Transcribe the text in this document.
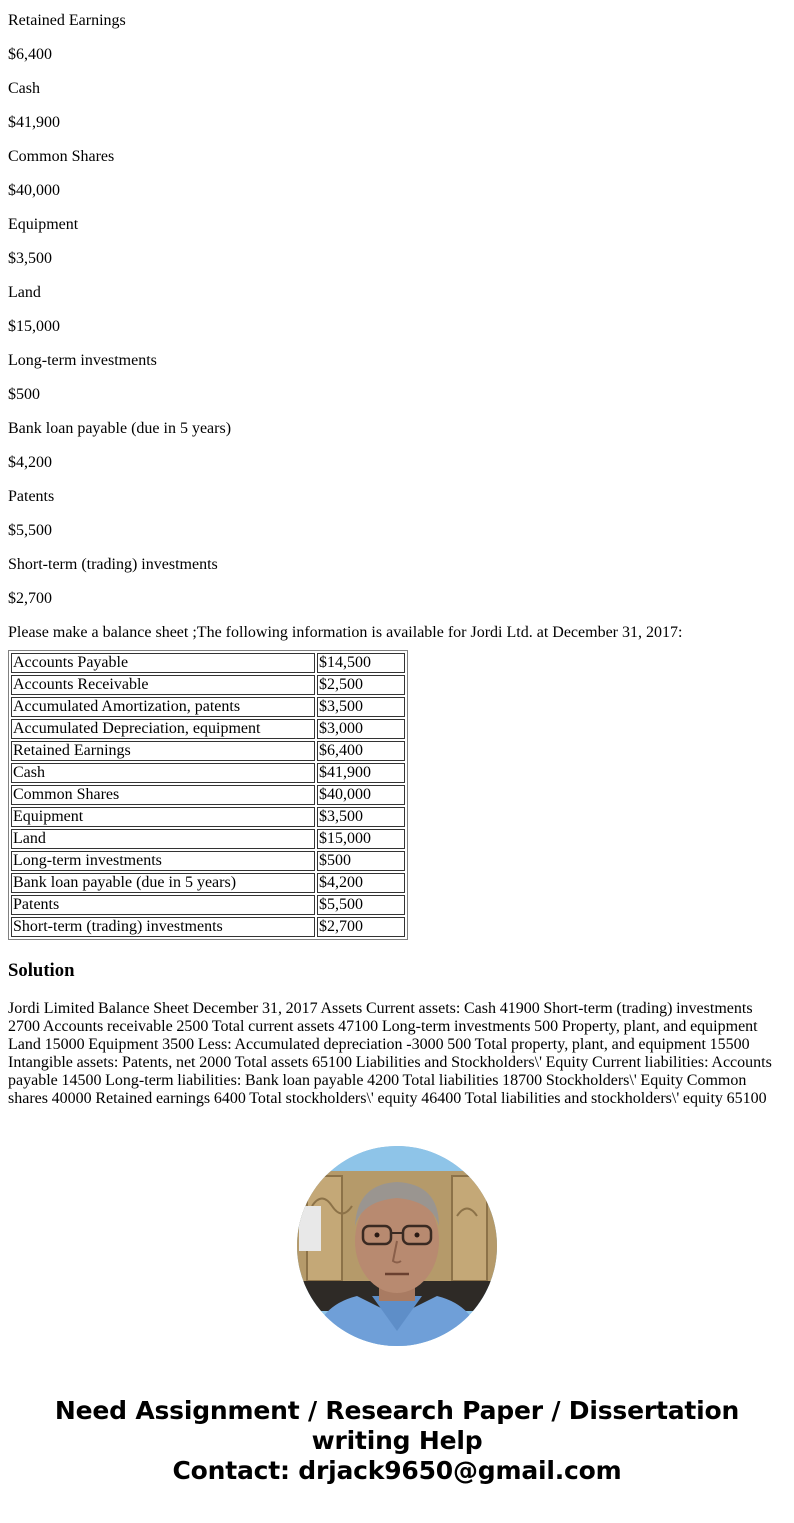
Retained Earnings

$6,400

Cash

$41,900

Common Shares

$40,000

Equipment

$3,500

Land

$15,000

Long-term investments

$500

Bank loan payable (due in 5 years)

$4,200

Patents

$5,500

Short-term (trading) investments

$2,700

Please make a balance sheet ;The following information is available for Jordi Ltd. at December 31, 2017:

Accounts Payable	$14,500
Accounts Receivable	$2,500
Accumulated Amortization, patents	$3,500
Accumulated Depreciation, equipment	$3,000
Retained Earnings	$6,400
Cash	$41,900
Common Shares	$40,000
Equipment	$3,500
Land	$15,000
Long-term investments	$500
Bank loan payable (due in 5 years)	$4,200
Patents	$5,500
Short-term (trading) investments	$2,700
Solution

Jordi Limited Balance Sheet December 31, 2017 Assets Current assets: Cash 41900 Short-term (trading) investments 2700 Accounts receivable 2500 Total current assets 47100 Long-term investments 500 Property, plant, and equipment Land 15000 Equipment 3500 Less: Accumulated depreciation -3000 500 Total property, plant, and equipment 15500 Intangible assets: Patents, net 2000 Total assets 65100 Liabilities and Stockholders\' Equity Current liabilities: Accounts payable 14500 Long-term liabilities: Bank loan payable 4200 Total liabilities 18700 Stockholders\' Equity Common shares 40000 Retained earnings 6400 Total stockholders\' equity 46400 Total liabilities and stockholders\' equity 65100

Need Assignment / Research Paper / Dissertation
writing Help
Contact: drjack9650@gmail.com
